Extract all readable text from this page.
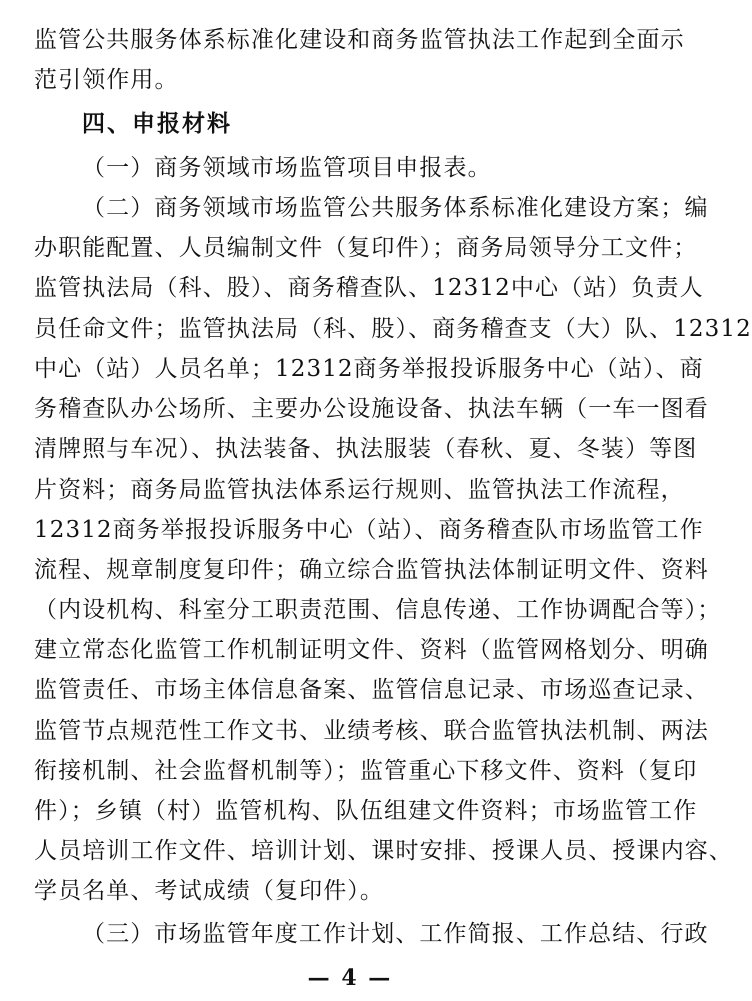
监管公共服务体系标准化建设和商务监管执法工作起到全面示
范引领作用。
四、申报材料
（一）商务领域市场监管项目申报表。
（二）商务领域市场监管公共服务体系标准化建设方案；编
办职能配置、人员编制文件（复印件）；商务局领导分工文件；
监管执法局（科、股）、商务稽查队、12312中心（站）负责人
员任命文件；监管执法局（科、股）、商务稽查支（大）队、12312
中心（站）人员名单；12312商务举报投诉服务中心（站）、商
务稽查队办公场所、主要办公设施设备、执法车辆（一车一图看
清牌照与车况）、执法装备、执法服装（春秋、夏、冬装）等图
片资料；商务局监管执法体系运行规则、监管执法工作流程，
12312商务举报投诉服务中心（站）、商务稽查队市场监管工作
流程、规章制度复印件；确立综合监管执法体制证明文件、资料
（内设机构、科室分工职责范围、信息传递、工作协调配合等）；
建立常态化监管工作机制证明文件、资料（监管网格划分、明确
监管责任、市场主体信息备案、监管信息记录、市场巡查记录、
监管节点规范性工作文书、业绩考核、联合监管执法机制、两法
衔接机制、社会监督机制等）；监管重心下移文件、资料（复印
件）；乡镇（村）监管机构、队伍组建文件资料；市场监管工作
人员培训工作文件、培训计划、课时安排、授课人员、授课内容、
学员名单、考试成绩（复印件）。
（三）市场监管年度工作计划、工作简报、工作总结、行政
— 4 —
